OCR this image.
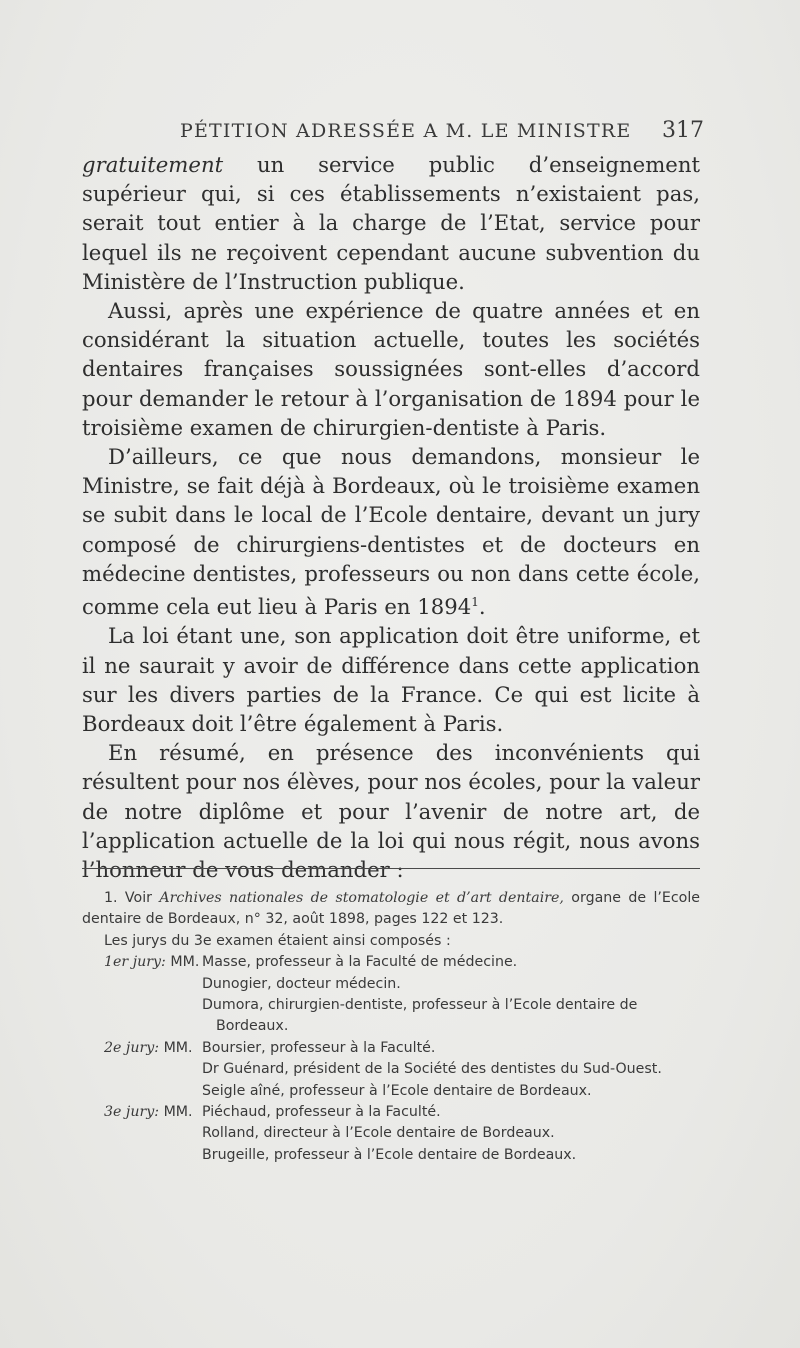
PÉTITION ADRESSÉE A M. LE MINISTRE 317

gratuitement un service public d’enseignement supérieur qui, si ces établissements n’existaient pas, serait tout entier à la charge de l’Etat, service pour lequel ils ne reçoivent cependant aucune subvention du Ministère de l’Instruction publique.

Aussi, après une expérience de quatre années et en considérant la situation actuelle, toutes les sociétés dentaires françaises soussignées sont-elles d’accord pour demander le retour à l’organisation de 1894 pour le troisième examen de chirurgien-dentiste à Paris.

D’ailleurs, ce que nous demandons, monsieur le Ministre, se fait déjà à Bordeaux, où le troisième examen se subit dans le local de l’Ecole dentaire, devant un jury composé de chirurgiens-dentistes et de docteurs en médecine dentistes, professeurs ou non dans cette école, comme cela eut lieu à Paris en 1894$^1$.

La loi étant une, son application doit être uniforme, et il ne saurait y avoir de différence dans cette application sur les divers parties de la France. Ce qui est licite à Bordeaux doit l’être également à Paris.

En résumé, en présence des inconvénients qui résultent pour nos élèves, pour nos écoles, pour la valeur de notre diplôme et pour l’avenir de notre art, de l’application actuelle de la loi qui nous régit, nous avons l’honneur de vous demander :

1. Voir Archives nationales de stomatologie et d’art dentaire, organe de l’Ecole dentaire de Bordeaux, n° 32, août 1898, pages 122 et 123.

Les jurys du 3e examen étaient ainsi composés :

1er jury: MM. Masse, professeur à la Faculté de médecine.
Dunogier, docteur médecin.
Dumora, chirurgien-dentiste, professeur à l’Ecole dentaire de Bordeaux.
2e jury: MM. Boursier, professeur à la Faculté.
Dr Guénard, président de la Société des dentistes du Sud-Ouest.
Seigle aîné, professeur à l’Ecole dentaire de Bordeaux.
3e jury: MM. Piéchaud, professeur à la Faculté.
Rolland, directeur à l’Ecole dentaire de Bordeaux.
Brugeille, professeur à l’Ecole dentaire de Bordeaux.
